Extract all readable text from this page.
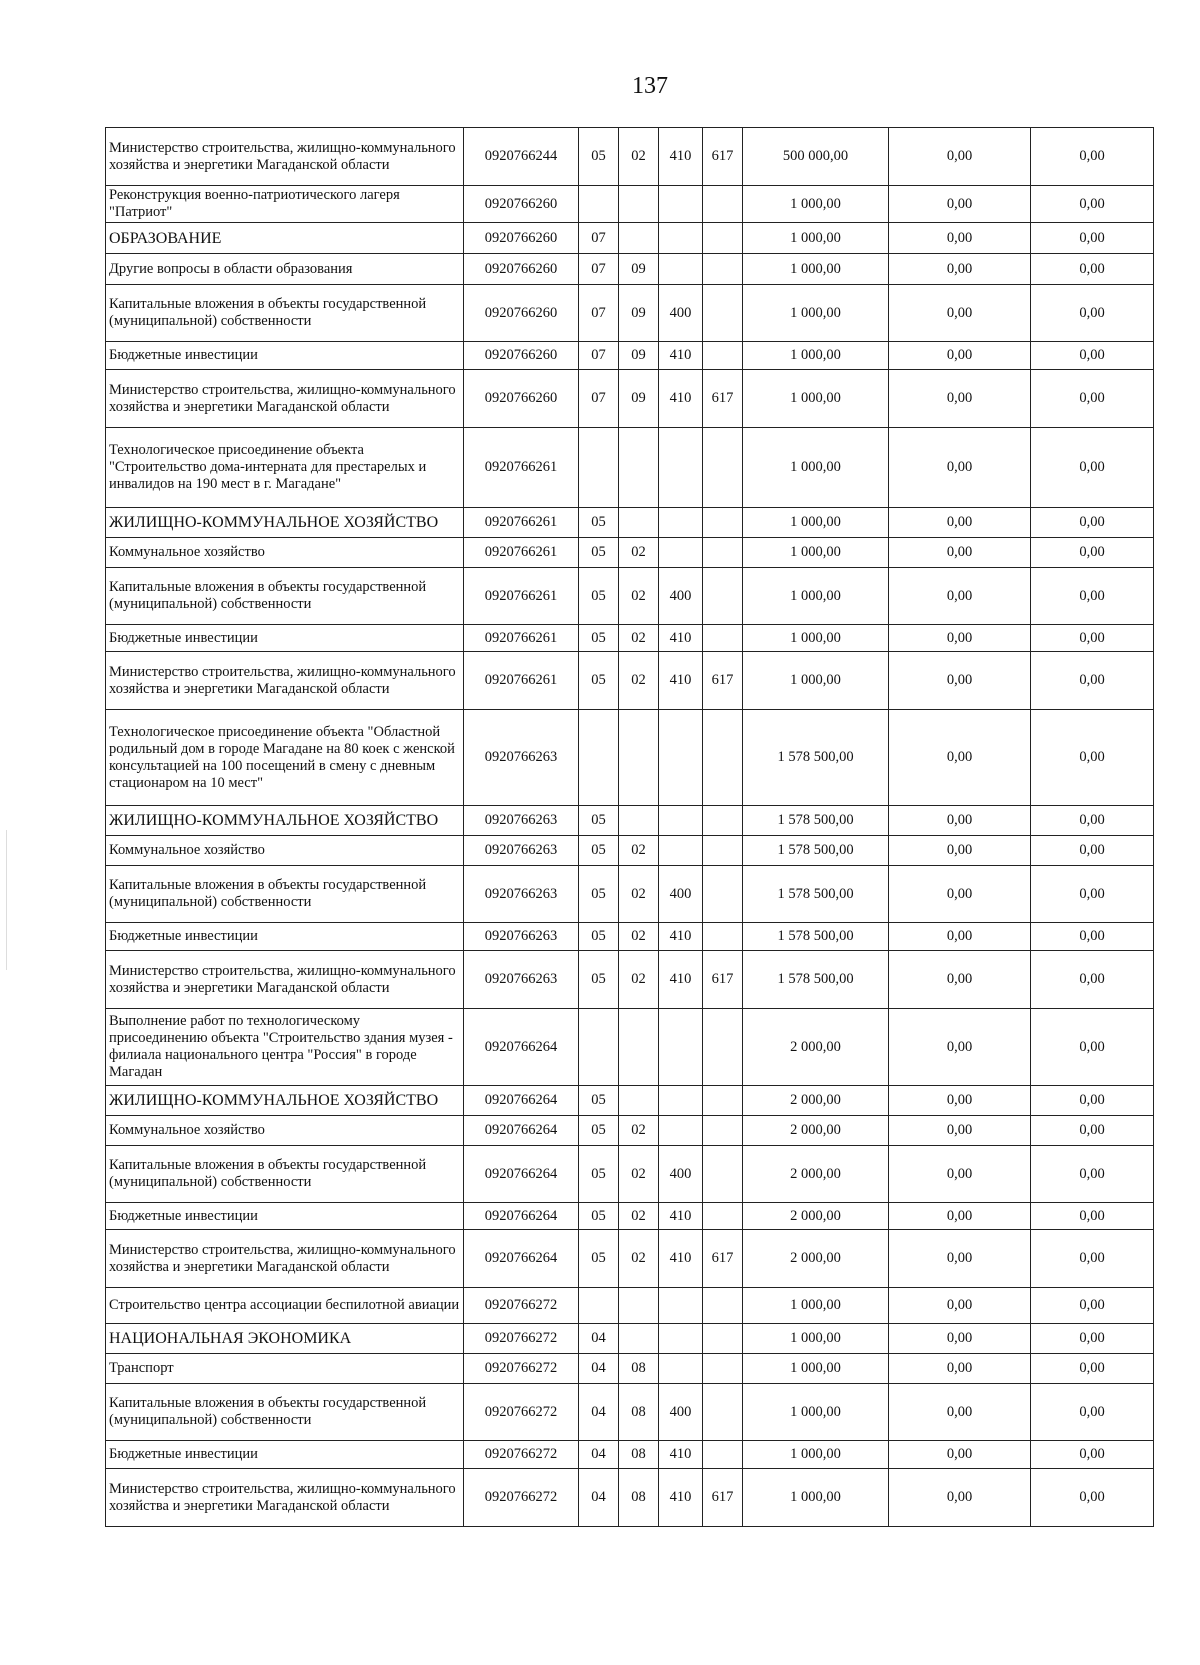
137
Министерство строительства, жилищно-коммунального хозяйства и энергетики Магаданской области	0920766244	05	02	410	617	500 000,00	0,00	0,00
Реконструкция военно-патриотического лагеря "Патриот"	0920766260					1 000,00	0,00	0,00
ОБРАЗОВАНИЕ	0920766260	07				1 000,00	0,00	0,00
Другие вопросы в области образования	0920766260	07	09			1 000,00	0,00	0,00
Капитальные вложения в объекты государственной (муниципальной) собственности	0920766260	07	09	400		1 000,00	0,00	0,00
Бюджетные инвестиции	0920766260	07	09	410		1 000,00	0,00	0,00
Министерство строительства, жилищно-коммунального хозяйства и энергетики Магаданской области	0920766260	07	09	410	617	1 000,00	0,00	0,00
Технологическое присоединение объекта "Строительство дома-интерната для престарелых и инвалидов на 190 мест в г. Магадане"	0920766261					1 000,00	0,00	0,00
ЖИЛИЩНО-КОММУНАЛЬНОЕ ХОЗЯЙСТВО	0920766261	05				1 000,00	0,00	0,00
Коммунальное хозяйство	0920766261	05	02			1 000,00	0,00	0,00
Капитальные вложения в объекты государственной (муниципальной) собственности	0920766261	05	02	400		1 000,00	0,00	0,00
Бюджетные инвестиции	0920766261	05	02	410		1 000,00	0,00	0,00
Министерство строительства, жилищно-коммунального хозяйства и энергетики Магаданской области	0920766261	05	02	410	617	1 000,00	0,00	0,00
Технологическое присоединение объекта "Областной родильный дом в городе Магадане на 80 коек с женской консультацией на 100 посещений в смену с дневным стационаром на 10 мест"	0920766263					1 578 500,00	0,00	0,00
ЖИЛИЩНО-КОММУНАЛЬНОЕ ХОЗЯЙСТВО	0920766263	05				1 578 500,00	0,00	0,00
Коммунальное хозяйство	0920766263	05	02			1 578 500,00	0,00	0,00
Капитальные вложения в объекты государственной (муниципальной) собственности	0920766263	05	02	400		1 578 500,00	0,00	0,00
Бюджетные инвестиции	0920766263	05	02	410		1 578 500,00	0,00	0,00
Министерство строительства, жилищно-коммунального хозяйства и энергетики Магаданской области	0920766263	05	02	410	617	1 578 500,00	0,00	0,00
Выполнение работ по технологическому присоединению объекта "Строительство здания музея - филиала национального центра "Россия" в городе Магадан	0920766264					2 000,00	0,00	0,00
ЖИЛИЩНО-КОММУНАЛЬНОЕ ХОЗЯЙСТВО	0920766264	05				2 000,00	0,00	0,00
Коммунальное хозяйство	0920766264	05	02			2 000,00	0,00	0,00
Капитальные вложения в объекты государственной (муниципальной) собственности	0920766264	05	02	400		2 000,00	0,00	0,00
Бюджетные инвестиции	0920766264	05	02	410		2 000,00	0,00	0,00
Министерство строительства, жилищно-коммунального хозяйства и энергетики Магаданской области	0920766264	05	02	410	617	2 000,00	0,00	0,00
Строительство центра ассоциации беспилотной авиации	0920766272					1 000,00	0,00	0,00
НАЦИОНАЛЬНАЯ ЭКОНОМИКА	0920766272	04				1 000,00	0,00	0,00
Транспорт	0920766272	04	08			1 000,00	0,00	0,00
Капитальные вложения в объекты государственной (муниципальной) собственности	0920766272	04	08	400		1 000,00	0,00	0,00
Бюджетные инвестиции	0920766272	04	08	410		1 000,00	0,00	0,00
Министерство строительства, жилищно-коммунального хозяйства и энергетики Магаданской области	0920766272	04	08	410	617	1 000,00	0,00	0,00
